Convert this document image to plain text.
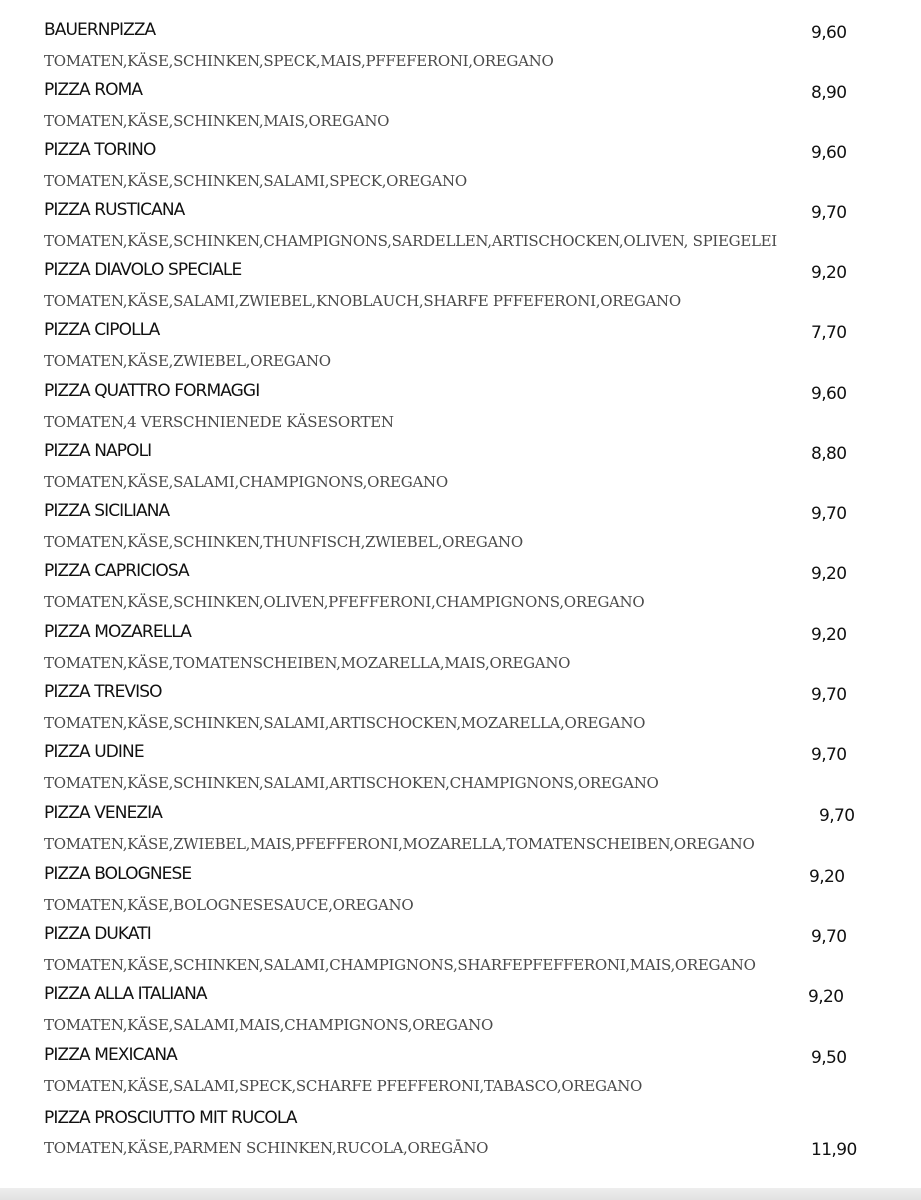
BAUERNPIZZA
TOMATEN,KÄSE,SCHINKEN,SPECK,MAIS,PFFEFERONI,OREGANO
9,60
PIZZA ROMA
TOMATEN,KÄSE,SCHINKEN,MAIS,OREGANO
8,90
PIZZA TORINO
TOMATEN,KÄSE,SCHINKEN,SALAMI,SPECK,OREGANO
9,60
PIZZA RUSTICANA
TOMATEN,KÄSE,SCHINKEN,CHAMPIGNONS,SARDELLEN,ARTISCHOCKEN,OLIVEN, SPIEGELEI
9,70
PIZZA DIAVOLO SPECIALE
TOMATEN,KÄSE,SALAMI,ZWIEBEL,KNOBLAUCH,SHARFE PFFEFERONI,OREGANO
9,20
PIZZA CIPOLLA
TOMATEN,KÄSE,ZWIEBEL,OREGANO
7,70
PIZZA QUATTRO FORMAGGI
TOMATEN,4 VERSCHNIENEDE KÄSESORTEN
9,60
PIZZA NAPOLI
TOMATEN,KÄSE,SALAMI,CHAMPIGNONS,OREGANO
8,80
PIZZA SICILIANA
TOMATEN,KÄSE,SCHINKEN,THUNFISCH,ZWIEBEL,OREGANO
9,70
PIZZA CAPRICIOSA
TOMATEN,KÄSE,SCHINKEN,OLIVEN,PFEFFERONI,CHAMPIGNONS,OREGANO
9,20
PIZZA MOZARELLA
TOMATEN,KÄSE,TOMATENSCHEIBEN,MOZARELLA,MAIS,OREGANO
9,20
PIZZA TREVISO
TOMATEN,KÄSE,SCHINKEN,SALAMI,ARTISCHOCKEN,MOZARELLA,OREGANO
9,70
PIZZA UDINE
TOMATEN,KÄSE,SCHINKEN,SALAMI,ARTISCHOKEN,CHAMPIGNONS,OREGANO
9,70
PIZZA VENEZIA
TOMATEN,KÄSE,ZWIEBEL,MAIS,PFEFFERONI,MOZARELLA,TOMATENSCHEIBEN,OREGANO
9,70
PIZZA BOLOGNESE
TOMATEN,KÄSE,BOLOGNESESAUCE,OREGANO
9,20
PIZZA DUKATI
TOMATEN,KÄSE,SCHINKEN,SALAMI,CHAMPIGNONS,SHARFEPFEFFERONI,MAIS,OREGANO
9,70
PIZZA ALLA ITALIANA
TOMATEN,KÄSE,SALAMI,MAIS,CHAMPIGNONS,OREGANO
9,20
PIZZA MEXICANA
TOMATEN,KÄSE,SALAMI,SPECK,SCHARFE PFEFFERONI,TABASCO,OREGANO
9,50
PIZZA PROSCIUTTO MIT RUCOLA
TOMATEN,KÄSE,PARMEN SCHINKEN,RUCOLA,OREGĀNO	11,90
